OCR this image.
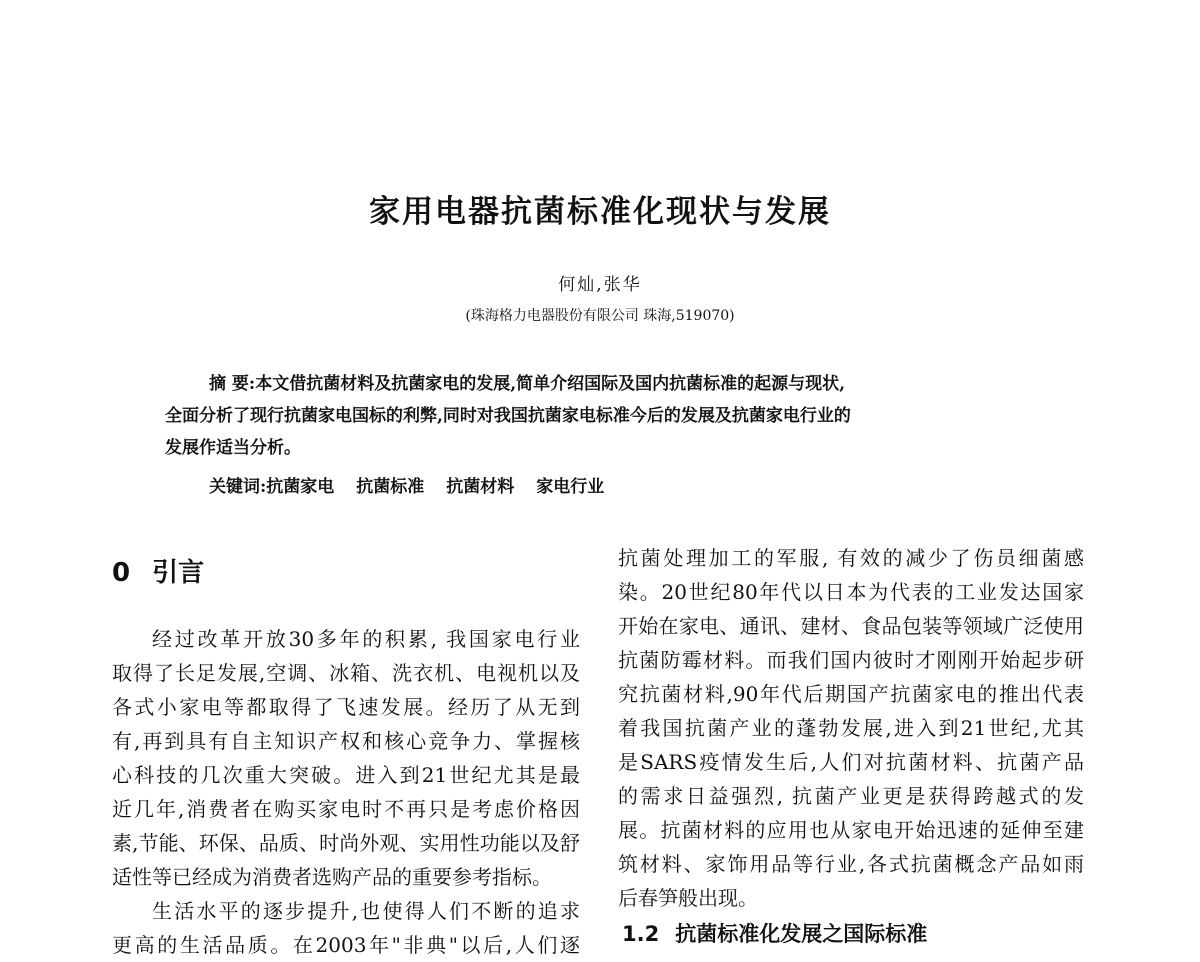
家用电器抗菌标准化现状与发展
何灿,张华
(珠海格力电器股份有限公司 珠海,519070)
摘 要:本文借抗菌材料及抗菌家电的发展,简单介绍国际及国内抗菌标准的起源与现状,
全面分析了现行抗菌家电国标的利弊,同时对我国抗菌家电标准今后的发展及抗菌家电行业的
发展作适当分析。
关键词:抗菌家电 抗菌标准 抗菌材料 家电行业
0 引言
经过改革开放30多年的积累, 我国家电行业
取得了长足发展,空调、冰箱、洗衣机、电视机以及
各式小家电等都取得了飞速发展。经历了从无到
有,再到具有自主知识产权和核心竞争力、掌握核
心科技的几次重大突破。进入到21世纪尤其是最
近几年,消费者在购买家电时不再只是考虑价格因
素,节能、环保、品质、时尚外观、实用性功能以及舒
适性等已经成为消费者选购产品的重要参考指标。
生活水平的逐步提升,也使得人们不断的追求
更高的生活品质。在2003年"非典"以后,人们逐
抗菌处理加工的军服, 有效的减少了伤员细菌感
染。20世纪80年代以日本为代表的工业发达国家
开始在家电、通讯、建材、食品包装等领域广泛使用
抗菌防霉材料。而我们国内彼时才刚刚开始起步研
究抗菌材料,90年代后期国产抗菌家电的推出代表
着我国抗菌产业的蓬勃发展,进入到21世纪,尤其
是SARS疫情发生后,人们对抗菌材料、抗菌产品
的需求日益强烈, 抗菌产业更是获得跨越式的发
展。抗菌材料的应用也从家电开始迅速的延伸至建
筑材料、家饰用品等行业,各式抗菌概念产品如雨
后春笋般出现。
1.2 抗菌标准化发展之国际标准
